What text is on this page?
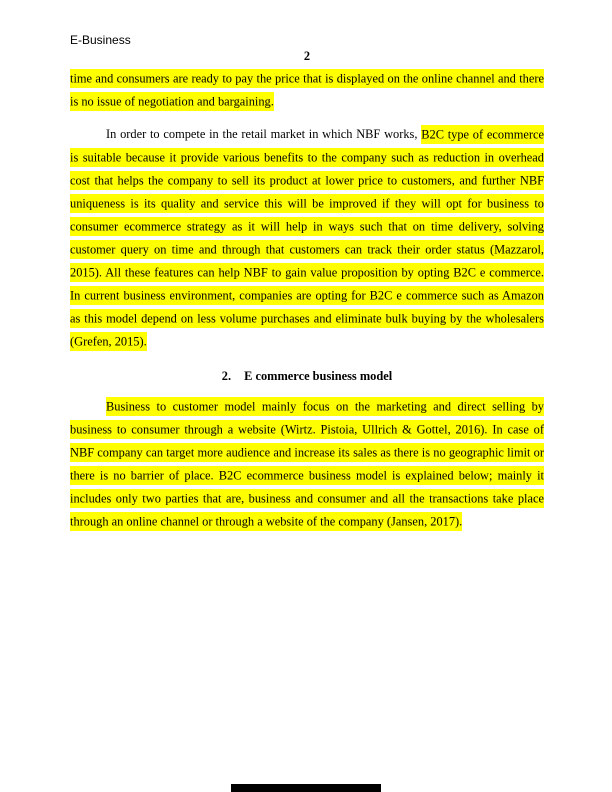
E-Business
2

time and consumers are ready to pay the price that is displayed on the online channel and there is no issue of negotiation and bargaining.

In order to compete in the retail market in which NBF works, B2C type of ecommerce is suitable because it provide various benefits to the company such as reduction in overhead cost that helps the company to sell its product at lower price to customers, and further NBF uniqueness is its quality and service this will be improved if they will opt for business to consumer ecommerce strategy as it will help in ways such that on time delivery, solving customer query on time and through that customers can track their order status (Mazzarol, 2015). All these features can help NBF to gain value proposition by opting B2C e commerce. In current business environment, companies are opting for B2C e commerce such as Amazon as this model depend on less volume purchases and eliminate bulk buying by the wholesalers (Grefen, 2015).

2. E commerce business model

Business to customer model mainly focus on the marketing and direct selling by business to consumer through a website (Wirtz. Pistoia, Ullrich & Gottel, 2016). In case of NBF company can target more audience and increase its sales as there is no geographic limit or there is no barrier of place. B2C ecommerce business model is explained below; mainly it includes only two parties that are, business and consumer and all the transactions take place through an online channel or through a website of the company (Jansen, 2017).
